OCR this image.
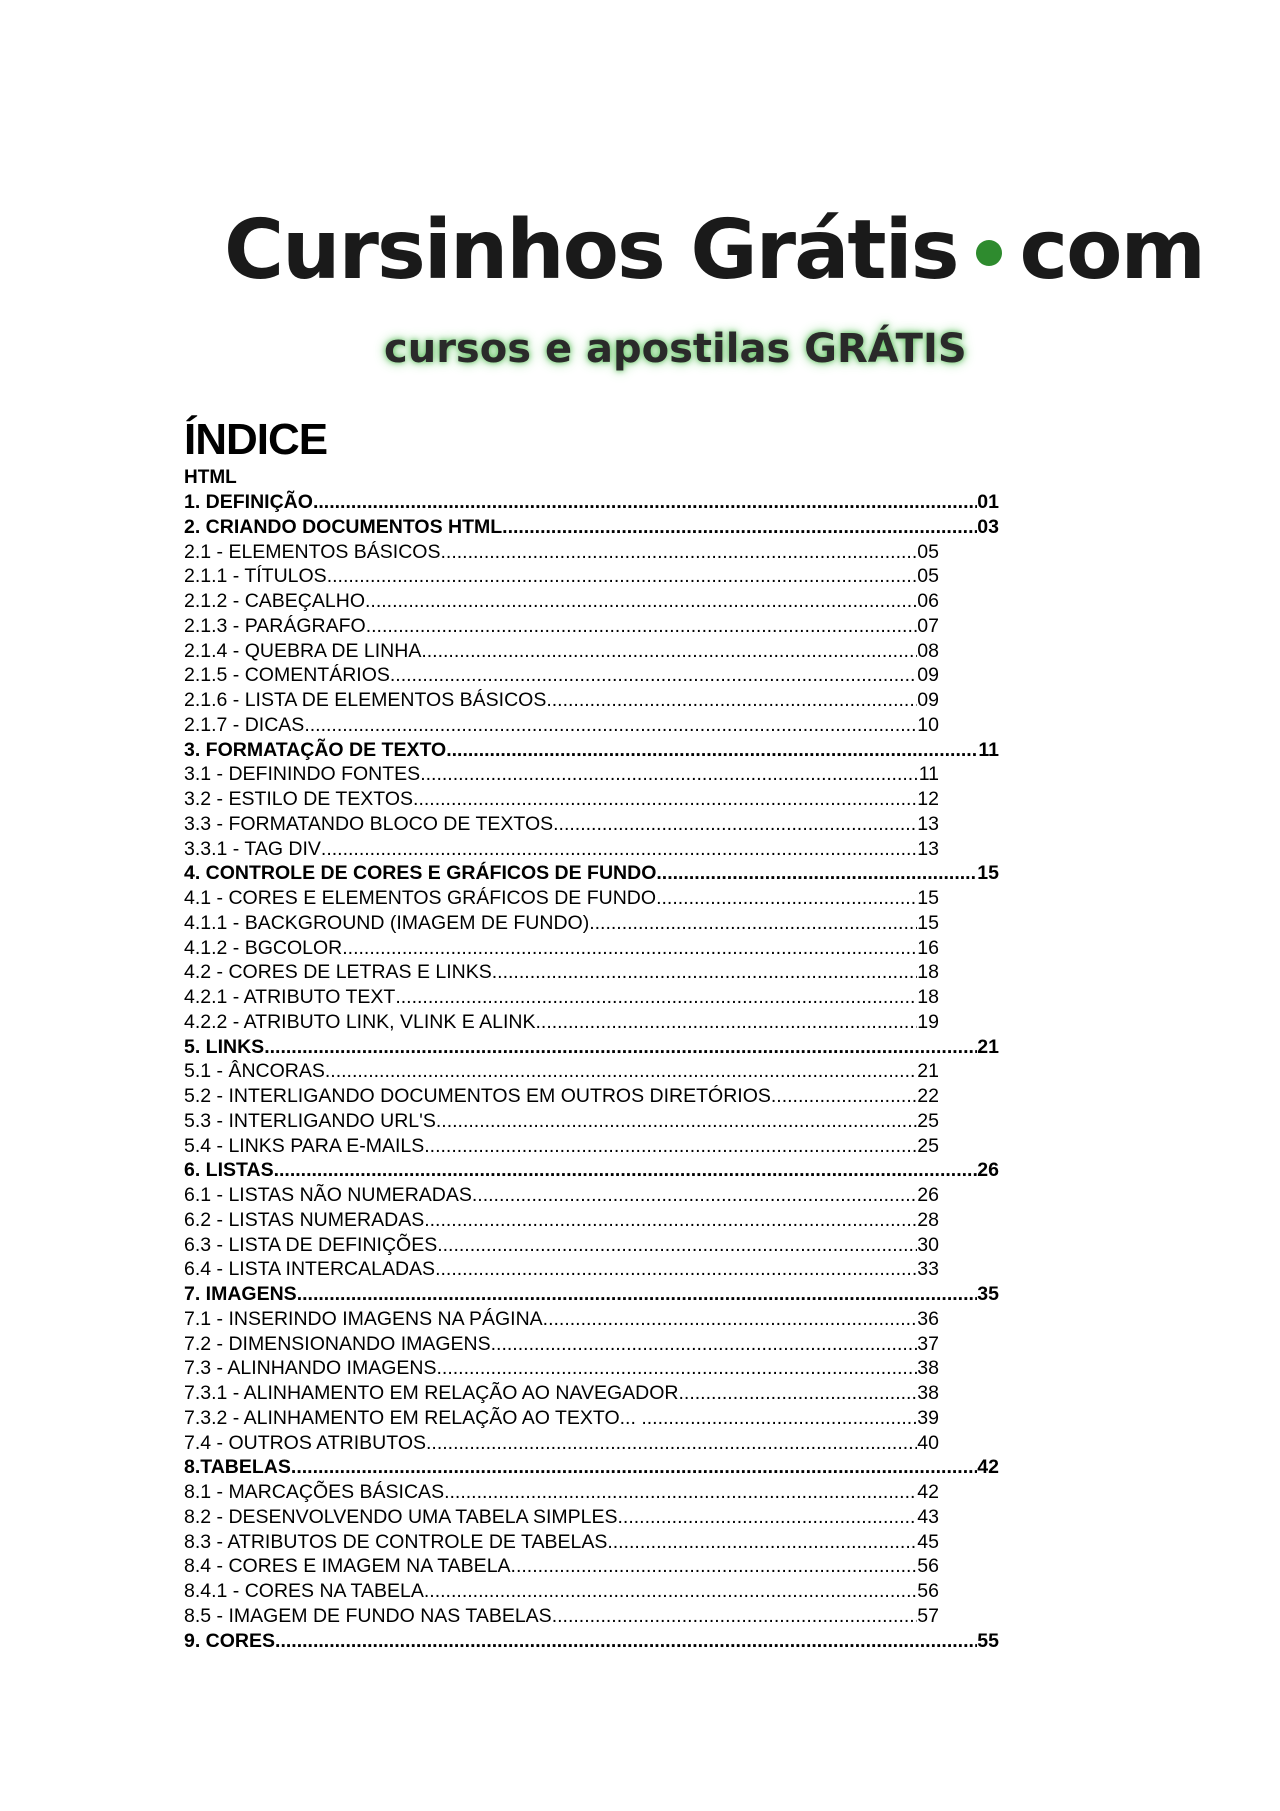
Cursinhos Grátis com
cursos e apostilas GRÁTIS
ÍNDICE
HTML
1. DEFINIÇÃO .....	01
2. CRIANDO DOCUMENTOS HTML .....	03
2.1 - ELEMENTOS BÁSICOS .....	05
2.1.1 - TÍTULOS .....	05
2.1.2 - CABEÇALHO .....	06
2.1.3 - PARÁGRAFO .....	07
2.1.4 - QUEBRA DE LINHA .....	08
2.1.5 - COMENTÁRIOS .....	09
2.1.6 - LISTA DE ELEMENTOS BÁSICOS .....	09
2.1.7 - DICAS .....	10
3. FORMATAÇÃO DE TEXTO .....	11
3.1 - DEFININDO FONTES .....	11
3.2 - ESTILO DE TEXTOS .....	12
3.3 - FORMATANDO BLOCO DE TEXTOS .....	13
3.3.1 - TAG DIV .....	13
4. CONTROLE DE CORES E GRÁFICOS DE FUNDO .....	15
4.1 - CORES E ELEMENTOS GRÁFICOS DE FUNDO .....	15
4.1.1 - BACKGROUND (IMAGEM DE FUNDO) .....	15
4.1.2 - BGCOLOR .....	16
4.2 - CORES DE LETRAS E LINKS .....	18
4.2.1 - ATRIBUTO TEXT .....	18
4.2.2 - ATRIBUTO LINK, VLINK E ALINK .....	19
5. LINKS .....	21
5.1 - ÂNCORAS .....	21
5.2 - INTERLIGANDO DOCUMENTOS EM OUTROS DIRETÓRIOS .....	22
5.3 - INTERLIGANDO URL'S .....	25
5.4 - LINKS PARA E-MAILS .....	25
6. LISTAS .....	26
6.1 - LISTAS NÃO NUMERADAS .....	26
6.2 - LISTAS NUMERADAS .....	28
6.3 - LISTA DE DEFINIÇÕES .....	30
6.4 - LISTA INTERCALADAS .....	33
7. IMAGENS .....	35
7.1 - INSERINDO IMAGENS NA PÁGINA .....	36
7.2 - DIMENSIONANDO IMAGENS .....	37
7.3 - ALINHANDO IMAGENS .....	38
7.3.1 - ALINHAMENTO EM RELAÇÃO AO NAVEGADOR .....	38
7.3.2 - ALINHAMENTO EM RELAÇÃO AO TEXTO... .....	39
7.4 - OUTROS ATRIBUTOS .....	40
8.TABELAS .....	42
8.1 - MARCAÇÕES BÁSICAS .....	42
8.2 - DESENVOLVENDO UMA TABELA SIMPLES .....	43
8.3 - ATRIBUTOS DE CONTROLE DE TABELAS .....	45
8.4 - CORES E IMAGEM NA TABELA .....	56
8.4.1 - CORES NA TABELA .....	56
8.5 - IMAGEM DE FUNDO NAS TABELAS .....	57
9. CORES .....	55
